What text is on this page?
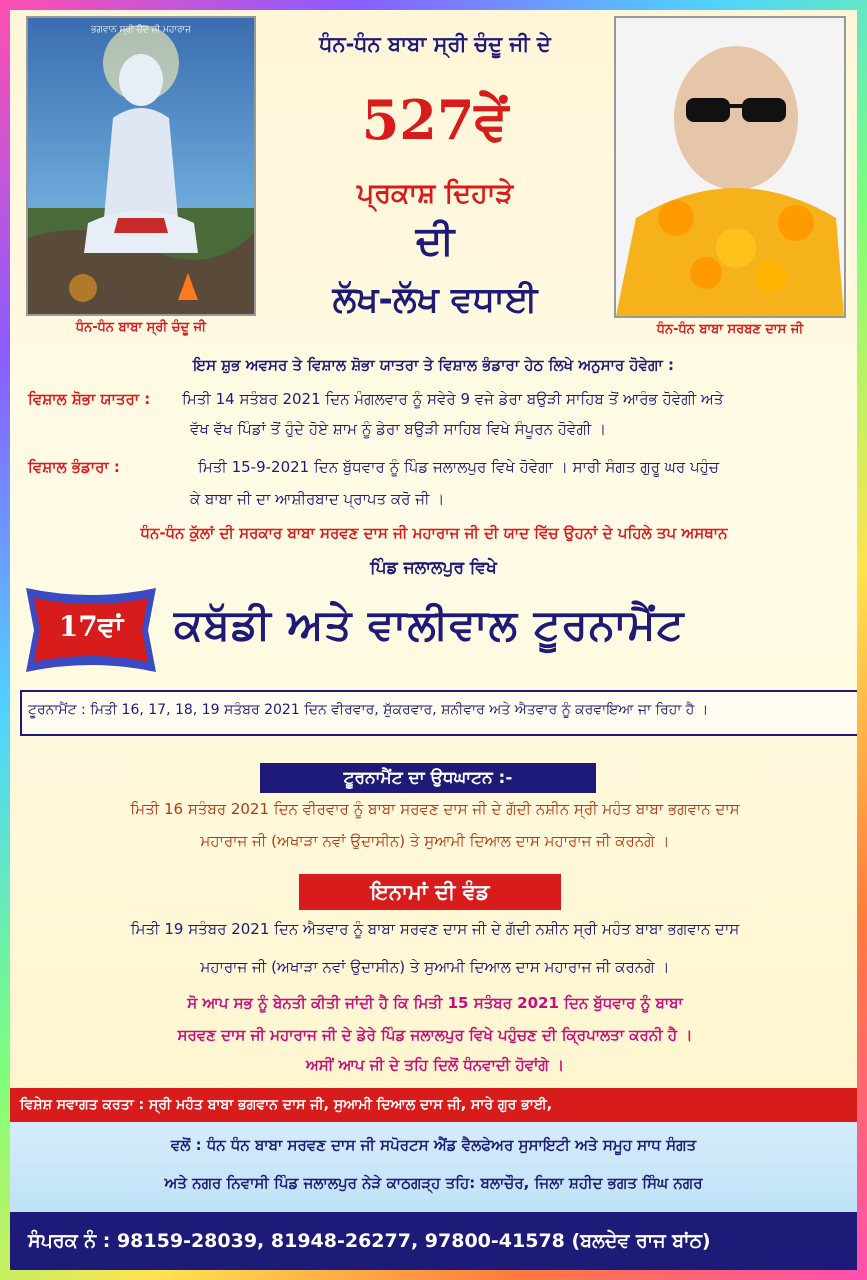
ਭਗਵਾਨ ਸ੍ਰੀ ਚੰਦ ਜੀ ਮਹਾਰਾਜ
ਧੰਨ-ਧੰਨ ਬਾਬਾ ਸ੍ਰੀ ਚੰਦੂ ਜੀ	ਧੰਨ-ਧੰਨ ਬਾਬਾ ਸਰਬਣ ਦਾਸ ਜੀ
ਧੰਨ-ਧੰਨ ਬਾਬਾ ਸ੍ਰੀ ਚੰਦੂ ਜੀ ਦੇ
527ਵੇਂ
ਪ੍ਰਕਾਸ਼ ਦਿਹਾੜੇ
ਦੀ
ਲੱਖ-ਲੱਖ ਵਧਾਈ
ਇਸ ਸ਼ੁਭ ਅਵਸਰ ਤੇ ਵਿਸ਼ਾਲ ਸ਼ੋਭਾ ਯਾਤਰਾ ਤੇ ਵਿਸ਼ਾਲ ਭੰਡਾਰਾ ਹੇਠ ਲਿਖੇ ਅਨੁਸਾਰ ਹੋਵੇਗਾ :
ਵਿਸ਼ਾਲ ਸ਼ੋਭਾ ਯਾਤਰਾ : ਮਿਤੀ 14 ਸਤੰਬਰ 2021 ਦਿਨ ਮੰਗਲਵਾਰ ਨੂੰ ਸਵੇਰੇ 9 ਵਜੇ ਡੇਰਾ ਬਉੜੀ ਸਾਹਿਬ ਤੋਂ ਆਰੰਭ ਹੋਵੇਗੀ ਅਤੇ
ਵੱਖ ਵੱਖ ਪਿੰਡਾਂ ਤੋਂ ਹੁੰਦੇ ਹੋਏ ਸ਼ਾਮ ਨੂੰ ਡੇਰਾ ਬਉੜੀ ਸਾਹਿਬ ਵਿਖੇ ਸੰਪੂਰਨ ਹੋਵੇਗੀ ।
ਵਿਸ਼ਾਲ ਭੰਡਾਰਾ :	ਮਿਤੀ 15-9-2021 ਦਿਨ ਬੁੱਧਵਾਰ ਨੂੰ ਪਿੰਡ ਜਲਾਲਪੁਰ ਵਿਖੇ ਹੋਵੇਗਾ । ਸਾਰੀ ਸੰਗਤ ਗੁਰੂ ਘਰ ਪਹੁੰਚ
ਕੇ ਬਾਬਾ ਜੀ ਦਾ ਆਸ਼ੀਰਬਾਦ ਪ੍ਰਾਪਤ ਕਰੋ ਜੀ ।
ਧੰਨ-ਧੰਨ ਕੁੱਲਾਂ ਦੀ ਸਰਕਾਰ ਬਾਬਾ ਸਰਵਣ ਦਾਸ ਜੀ ਮਹਾਰਾਜ ਜੀ ਦੀ ਯਾਦ ਵਿੱਚ ਉਹਨਾਂ ਦੇ ਪਹਿਲੇ ਤਪ ਅਸਥਾਨ
ਪਿੰਡ ਜਲਾਲਪੁਰ ਵਿਖੇ
17ਵਾਂ	ਕਬੱਡੀ ਅਤੇ ਵਾਲੀਵਾਲ ਟੂਰਨਾਮੈਂਟ
ਟੂਰਨਾਮੈਂਟ : ਮਿਤੀ 16, 17, 18, 19 ਸਤੰਬਰ 2021 ਦਿਨ ਵੀਰਵਾਰ, ਸ਼ੁੱਕਰਵਾਰ, ਸ਼ਨੀਵਾਰ ਅਤੇ ਐਤਵਾਰ ਨੂੰ ਕਰਵਾਇਆ ਜਾ ਰਿਹਾ ਹੈ ।
ਟੂਰਨਾਮੈਂਟ ਦਾ ਉਧਘਾਟਨ :-
ਮਿਤੀ 16 ਸਤੰਬਰ 2021 ਦਿਨ ਵੀਰਵਾਰ ਨੂੰ ਬਾਬਾ ਸਰਵਣ ਦਾਸ ਜੀ ਦੇ ਗੱਦੀ ਨਸ਼ੀਨ ਸ੍ਰੀ ਮਹੰਤ ਬਾਬਾ ਭਗਵਾਨ ਦਾਸ
ਮਹਾਰਾਜ ਜੀ (ਅਖਾੜਾ ਨਵਾਂ ਉਦਾਸੀਨ) ਤੇ ਸੁਆਮੀ ਦਿਆਲ ਦਾਸ ਮਹਾਰਾਜ ਜੀ ਕਰਨਗੇ ।
ਇਨਾਮਾਂ ਦੀ ਵੰਡ
ਮਿਤੀ 19 ਸਤੰਬਰ 2021 ਦਿਨ ਐਤਵਾਰ ਨੂੰ ਬਾਬਾ ਸਰਵਣ ਦਾਸ ਜੀ ਦੇ ਗੱਦੀ ਨਸ਼ੀਨ ਸ੍ਰੀ ਮਹੰਤ ਬਾਬਾ ਭਗਵਾਨ ਦਾਸ
ਮਹਾਰਾਜ ਜੀ (ਅਖਾੜਾ ਨਵਾਂ ਉਦਾਸੀਨ) ਤੇ ਸੁਆਮੀ ਦਿਆਲ ਦਾਸ ਮਹਾਰਾਜ ਜੀ ਕਰਨਗੇ ।
ਸੋ ਆਪ ਸਭ ਨੂੰ ਬੇਨਤੀ ਕੀਤੀ ਜਾਂਦੀ ਹੈ ਕਿ ਮਿਤੀ 15 ਸਤੰਬਰ 2021 ਦਿਨ ਬੁੱਧਵਾਰ ਨੂੰ ਬਾਬਾ
ਸਰਵਣ ਦਾਸ ਜੀ ਮਹਾਰਾਜ ਜੀ ਦੇ ਡੇਰੇ ਪਿੰਡ ਜਲਾਲਪੁਰ ਵਿਖੇ ਪਹੁੰਚਣ ਦੀ ਕ੍ਰਿਪਾਲਤਾ ਕਰਨੀ ਹੈ ।
ਅਸੀਂ ਆਪ ਜੀ ਦੇ ਤਹਿ ਦਿਲੋਂ ਧੰਨਵਾਦੀ ਹੋਵਾਂਗੇ ।
ਵਿਸ਼ੇਸ਼ ਸਵਾਗਤ ਕਰਤਾ : ਸ੍ਰੀ ਮਹੰਤ ਬਾਬਾ ਭਗਵਾਨ ਦਾਸ ਜੀ, ਸੁਆਮੀ ਦਿਆਲ ਦਾਸ ਜੀ, ਸਾਰੇ ਗੁਰ ਭਾਈ,
ਵਲੋਂ : ਧੰਨ ਧੰਨ ਬਾਬਾ ਸਰਵਣ ਦਾਸ ਜੀ ਸਪੋਰਟਸ ਐਂਡ ਵੈਲਫੇਅਰ ਸੁਸਾਇਟੀ ਅਤੇ ਸਮੂਹ ਸਾਧ ਸੰਗਤ
ਅਤੇ ਨਗਰ ਨਿਵਾਸੀ ਪਿੰਡ ਜਲਾਲਪੁਰ ਨੇੜੇ ਕਾਠਗੜ੍ਹ ਤਹਿ: ਬਲਾਚੌਰ, ਜਿਲਾ ਸ਼ਹੀਦ ਭਗਤ ਸਿੰਘ ਨਗਰ
ਸੰਪਰਕ ਨੰ : 98159-28039, 81948-26277, 97800-41578 (ਬਲਦੇਵ ਰਾਜ ਬਾਂਠ)
